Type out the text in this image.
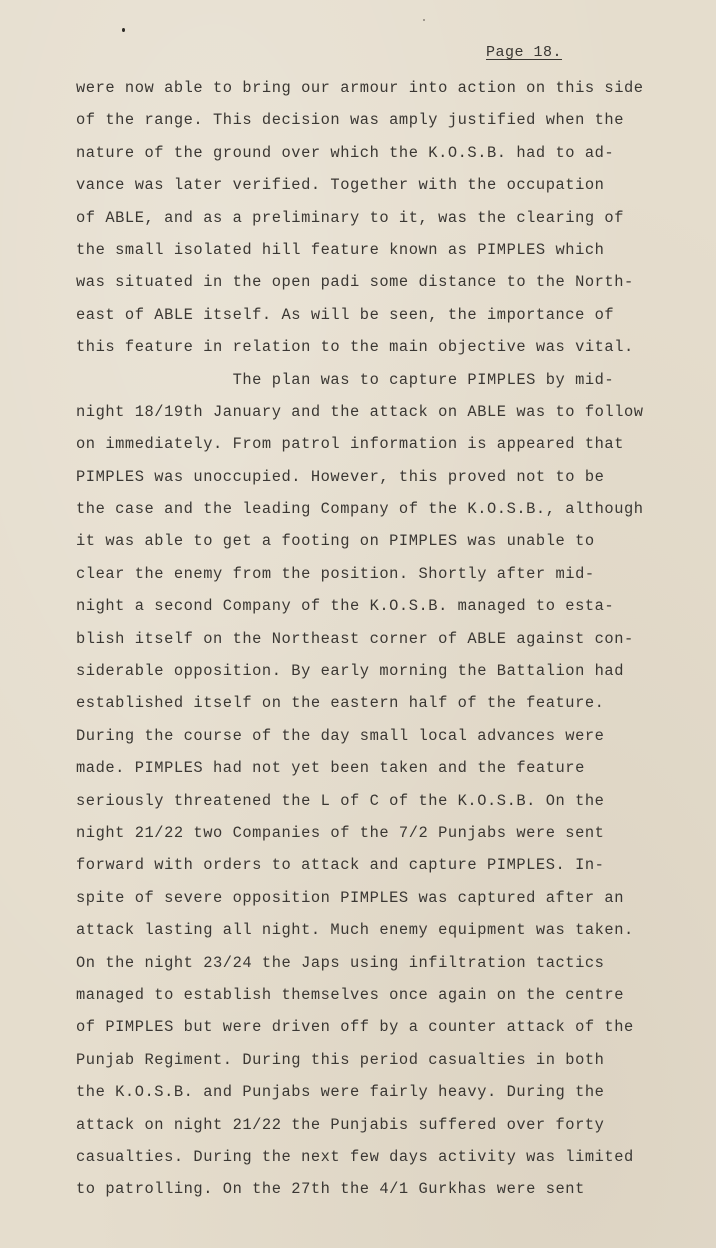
Page 18.
were now able to bring our armour into action on this side
of the range. This decision was amply justified when the
nature of the ground over which the K.O.S.B. had to ad-
vance was later verified. Together with the occupation
of ABLE, and as a preliminary to it, was the clearing of
the small isolated hill feature known as PIMPLES which
was situated in the open padi some distance to the North-
east of ABLE itself. As will be seen, the importance of
this feature in relation to the main objective was vital.
The plan was to capture PIMPLES by mid-
night 18/19th January and the attack on ABLE was to follow
on immediately. From patrol information is appeared that
PIMPLES was unoccupied. However, this proved not to be
the case and the leading Company of the K.O.S.B., although
it was able to get a footing on PIMPLES was unable to
clear the enemy from the position. Shortly after mid-
night a second Company of the K.O.S.B. managed to esta-
blish itself on the Northeast corner of ABLE against con-
siderable opposition. By early morning the Battalion had
established itself on the eastern half of the feature.
During the course of the day small local advances were
made. PIMPLES had not yet been taken and the feature
seriously threatened the L of C of the K.O.S.B. On the
night 21/22 two Companies of the 7/2 Punjabs were sent
forward with orders to attack and capture PIMPLES. In-
spite of severe opposition PIMPLES was captured after an
attack lasting all night. Much enemy equipment was taken.
On the night 23/24 the Japs using infiltration tactics
managed to establish themselves once again on the centre
of PIMPLES but were driven off by a counter attack of the
Punjab Regiment. During this period casualties in both
the K.O.S.B. and Punjabs were fairly heavy. During the
attack on night 21/22 the Punjabis suffered over forty
casualties. During the next few days activity was limited
to patrolling. On the 27th the 4/1 Gurkhas were sent
